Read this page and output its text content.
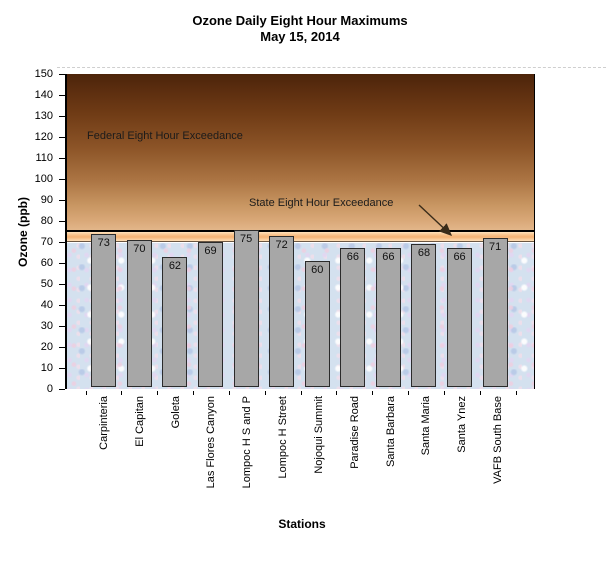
Ozone Daily Eight Hour Maximums
May 15, 2014
Ozone (ppb)
150
140
130
120
110
100
90
80
70
60
50
40
30
20
10
0
73
70
62
69
75
72
60
66	66	68	66
71
Federal Eight Hour Exceedance
State Eight Hour Exceedance
Carpinteria El Capitan Goleta Las Flores Canyon Lompoc H S and P Lompoc H Street Nojoqui Summit Paradise Road Santa Barbara Santa Maria Santa Ynez VAFB South Base
Stations
